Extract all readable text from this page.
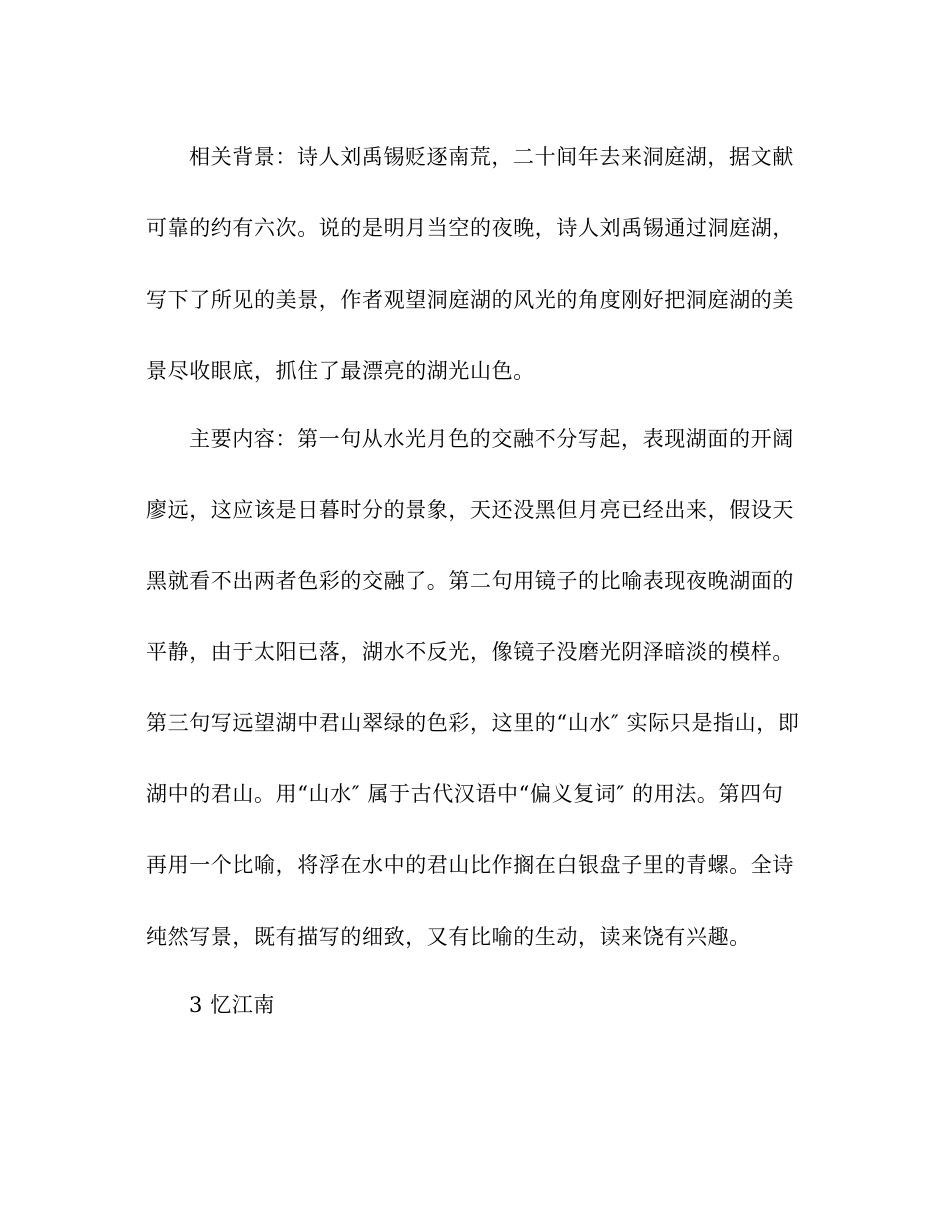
相关背景：诗人刘禹锡贬逐南荒，二十间年去来洞庭湖，据文献
可靠的约有六次。说的是明月当空的夜晚，诗人刘禹锡通过洞庭湖，
写下了所见的美景，作者观望洞庭湖的风光的角度刚好把洞庭湖的美
景尽收眼底，抓住了最漂亮的湖光山色。
主要内容：第一句从水光月色的交融不分写起，表现湖面的开阔
廖远，这应该是日暮时分的景象，天还没黑但月亮已经出来，假设天
黑就看不出两者色彩的交融了。第二句用镜子的比喻表现夜晚湖面的
平静，由于太阳已落，湖水不反光，像镜子没磨光阴泽暗淡的模样。
第三句写远望湖中君山翠绿的色彩，这里的“山水″ 实际只是指山，即
湖中的君山。用“山水″ 属于古代汉语中“偏义复词″ 的用法。第四句
再用一个比喻，将浮在水中的君山比作搁在白银盘子里的青螺。全诗
纯然写景，既有描写的细致，又有比喻的生动，读来饶有兴趣。
3 忆江南
